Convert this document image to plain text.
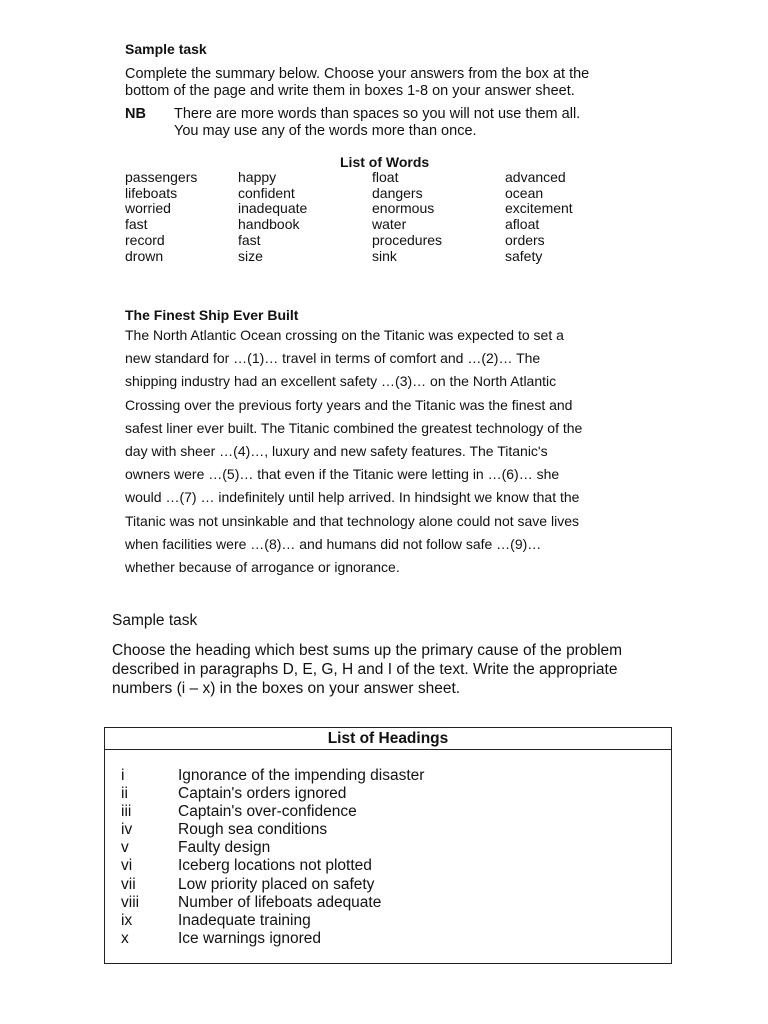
Sample task
Complete the summary below. Choose your answers from the box at the
bottom of the page and write them in boxes 1-8 on your answer sheet.
NB	There are more words than spaces so you will not use them all.
You may use any of the words more than once.
List of Words
passengers	happy	float	advanced
lifeboats	confident	dangers	ocean
worried	inadequate	enormous	excitement
fast	handbook	water	afloat
record	fast	procedures	orders
drown	size	sink	safety
The Finest Ship Ever Built
The North Atlantic Ocean crossing on the Titanic was expected to set a
new standard for …(1)… travel in terms of comfort and …(2)… The
shipping industry had an excellent safety …(3)… on the North Atlantic
Crossing over the previous forty years and the Titanic was the finest and
safest liner ever built. The Titanic combined the greatest technology of the
day with sheer …(4)…, luxury and new safety features. The Titanic's
owners were …(5)… that even if the Titanic were letting in …(6)… she
would …(7) … indefinitely until help arrived. In hindsight we know that the
Titanic was not unsinkable and that technology alone could not save lives
when facilities were …(8)… and humans did not follow safe …(9)…
whether because of arrogance or ignorance.
Sample task
Choose the heading which best sums up the primary cause of the problem
described in paragraphs D, E, G, H and I of the text. Write the appropriate
numbers (i – x) in the boxes on your answer sheet.
List of Headings
i	Ignorance of the impending disaster
ii	Captain's orders ignored
iii	Captain's over-confidence
iv	Rough sea conditions
v	Faulty design
vi	Iceberg locations not plotted
vii	Low priority placed on safety
viii	Number of lifeboats adequate
ix	Inadequate training
x	Ice warnings ignored
